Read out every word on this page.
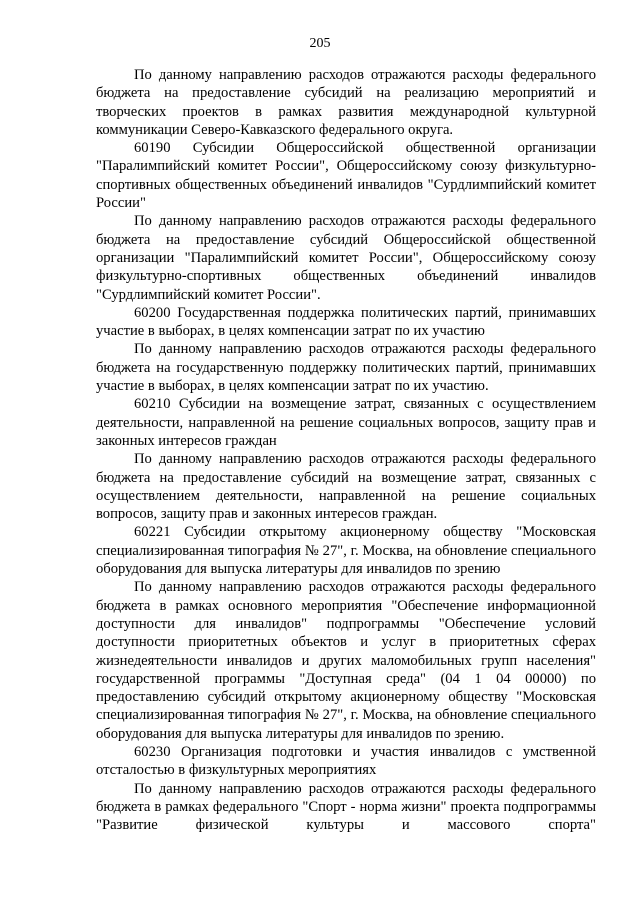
205

По данному направлению расходов отражаются расходы федерального бюджета на предоставление субсидий на реализацию мероприятий и творческих проектов в рамках развития международной культурной коммуникации Северо-Кавказского федерального округа.

60190 Субсидии Общероссийской общественной организации "Паралимпийский комитет России", Общероссийскому союзу физкультурно-спортивных общественных объединений инвалидов "Сурдлимпийский комитет России"

По данному направлению расходов отражаются расходы федерального бюджета на предоставление субсидий Общероссийской общественной организации "Паралимпийский комитет России", Общероссийскому союзу физкультурно-спортивных общественных объединений инвалидов "Сурдлимпийский комитет России".

60200 Государственная поддержка политических партий, принимавших участие в выборах, в целях компенсации затрат по их участию

По данному направлению расходов отражаются расходы федерального бюджета на государственную поддержку политических партий, принимавших участие в выборах, в целях компенсации затрат по их участию.

60210 Субсидии на возмещение затрат, связанных с осуществлением деятельности, направленной на решение социальных вопросов, защиту прав и законных интересов граждан

По данному направлению расходов отражаются расходы федерального бюджета на предоставление субсидий на возмещение затрат, связанных с осуществлением деятельности, направленной на решение социальных вопросов, защиту прав и законных интересов граждан.

60221 Субсидии открытому акционерному обществу "Московская специализированная типография № 27", г. Москва, на обновление специального оборудования для выпуска литературы для инвалидов по зрению

По данному направлению расходов отражаются расходы федерального бюджета в рамках основного мероприятия "Обеспечение информационной доступности для инвалидов" подпрограммы "Обеспечение условий доступности приоритетных объектов и услуг в приоритетных сферах жизнедеятельности инвалидов и других маломобильных групп населения" государственной программы "Доступная среда" (04 1 04 00000) по предоставлению субсидий открытому акционерному обществу "Московская специализированная типография № 27", г. Москва, на обновление специального оборудования для выпуска литературы для инвалидов по зрению.

60230 Организация подготовки и участия инвалидов с умственной отсталостью в физкультурных мероприятиях

По данному направлению расходов отражаются расходы федерального бюджета в рамках федерального "Спорт - норма жизни" проекта подпрограммы "Развитие физической культуры и массового спорта"
